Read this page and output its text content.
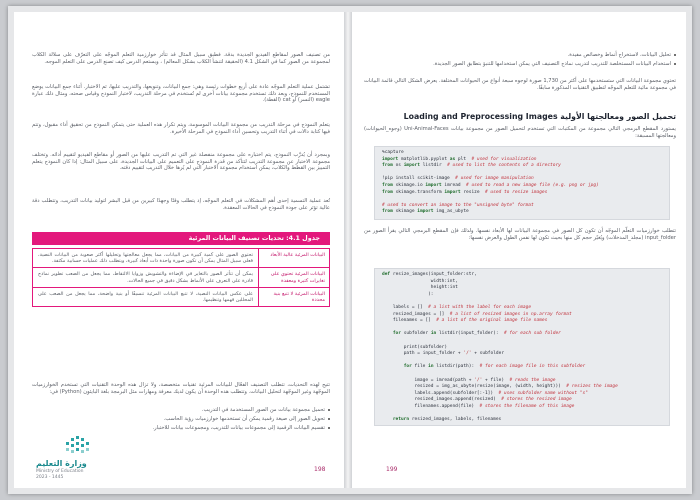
من تصنيف الصور لمقاطع الفيديو الجديدة بدقة. فطبق سبيل المثال قد تتأثر خوارزمية التعلم الموجّه على التعرّف على سلالة الكلاب لمجموعة من الصور كما في الشكل 4.1 (الحقيقة لتنشأ الكلاب بشكل المعالم) ، ويستعم الدرس كيف تصنع الدرس على التعلم الموجه.
تشتمل عملية التعلم الموجّه عادة على أربع خطوات رئيسة وهي: جمع البيانات، وتنويعها، والتدريب عليها، ثم الاختبار. أثناء جمع البيانات يوضع المستخدم للنموذج، وبعد ذلك تستخدم مجموعة بيانات أخرى لم تُستخدم في مرحلة التدريب، لاختبار النموذج وقياس صحته، ومثال ذلك عبارة eagle (النسر) أو cat (القطة).
يتعلم النموذج في مرحلة التدريب من مجموعة البيانات الموسومة، ويتم تكرار هذه العملية حتى يتمكن النموذج من تحقيق أداء مقبول، وتتم فيها كتابة دالات في أثناء التدريب وتحسين أداء النموذج في المرحلة الأخيرة.
وبمجرد أن يُدرَّب النموذج، يتم اختباره على مجموعة منفصلة غير التي تم التدريب عليها من الصور أو مقاطع الفيديو لتقييم أدائه. وتختلف مجموعة الاختبار عن مجموعة التدريب لتتأكد من قدرة النموذج على التعميم على البيانات الجديدة، على سبيل المثال: إذا كان النموذج يتعلم التمييز بين القطط والكلاب، يمكن استخدام مجموعة الاختبار التي لم يُرها خلال التدريب لتقييم دقته.
تُعد عملية التسمية إحدى أهم المشكلات في التعلم الموجّه، إذ يتطلب وقتًا وجهدًا كبيرين من قبل البشر لتوليد بيانات التدريب، وتتطلب دقة عالية تؤثر على جودة النموذج في الحالات المعقدة.
جدول 4.1: تحديات تصنيف البيانات المرئية
البيانات المرئية عالية الأبعاد
تحتوي الصور على كمية كبيرة من البيانات، مما يجعل معالجتها وتحليلها أكثر صعوبة من البيانات النصية، فعلى سبيل المثال يمكن أن تكون صورة واحدة ذات أبعاد كبيرة، ويتطلب ذلك عمليات حسابية مكثفة.
البيانات المرئية تحتوي على تغايرات كثيرة ومعقدة
يمكن أن تتأثر الصور بالتغاير في الإضاءة والتشويش وزوايا الالتقاط، مما يجعل من الصعب تطوير نماذج قادرة على التعرف على الأنماط بشكل دقيق في جميع الحالات.
البيانات المرئية لا تتبع بنية محددة
على عكس البيانات النصية، لا تتبع البيانات المرئية تنسيقًا أو بنية واضحة، مما يجعل من الصعب على المحللين فهمها وتنظيمها.
تتيح لهذه التحديات، تتطلب التصنيف الفعّال للبيانات المرئية تقنيات متخصصة، ولا تزال هذه الوحدة التقنيات التي تستخدم الخوارزميات الموجّهة وغير الموجّهة لتحليل البيانات. وتتطلب هذه الوحدة أن يكون لديك معرفة ومهارات مثل البرمجة بلغة البايثون (Python) في:
تحميل مجموعة بيانات من الصور المستخدمة في التدريب.
تحويل الصور إلى صيغة رقمية يمكن أن تستخدمها خوارزميات رؤية الحاسب.
تقسيم البيانات الرقمية إلى مجموعات بيانات للتدريب، ومجموعات بيانات للاختبار.
وزارة التعليم
Ministry of Education
2023 - 1445
198
تحليل البيانات، لاستخراج أنماط وخصائص مفيدة.
استخدام البيانات المستخلصة للتدريب لتدريب نماذج التصنيف التي يمكن استخدامها للتنبؤ بتطابق الصور الجديدة.
تحتوي مجموعة البيانات التي ستستخدمها على أكثر من 1,730 صورة لوجوه سبعة أنواع من الحيوانات المختلفة. يعرض الشكل التالي قائمة البيانات في مجموعة مائية للتعلم الموجّه لتطبيق التقنيات المذكورة سابقًا.
تحميل الصور ومعالجتها الأولية Loading and Preprocessing Images
يستورد المقطع البرمجي التالي مجموعة من المكتبات التي تستخدم لتحميل الصور من مجموعة بيانات Uni-Animal-Faces (وجوه_الحيوانات) ومعالجتها المسبقة:
%capture
import matplotlib.pyplot as plt  # used for visualization
from os import listdir  # used to list the contents of a directory

!pip install scikit-image  # used for image manipulation
from skimage.io import imread  # used to read a new image file (e.g. png or jpg)
from skimage.transform import resize  # used to resize images

# used to convert an image to the "unsigned byte" format
from skimage import img_as_ubyte
تتطلب خوارزميات التعلّم الموجّه أن تكون كل الصور في مجموعة البيانات لها الأبعاد نفسها. ولذلك فإن المقطع البرمجي التالي يقرأ الصور من input_folder (مجلد_المدخلات) ويُغيّر حجم كل منها بحيث تكون لها نفس الطول والعرض نفسها:
def resize_images(input_folder:str,
width:int,
height:int
):

labels = []  # a list with the label for each image
resized_images = []  # a list of resized images in np.array format
filenames = []  # a list of the original image file names

for subfolder in listdir(input_folder):  # for each sub folder

print(subfolder)
path = input_folder + '/' + subfolder

for file in listdir(path):  # for each image file in this subfolder

image = imread(path + '/' + file)  # reads the image
resized = img_as_ubyte(resize(image, (width, height)))  # resizes the image
labels.append(subfolder[:-1])  # uses subfolder name without "s"
resized_images.append(resized)  # stores the resized image
filenames.append(file)  # stores the filename of this image

return resized_images, labels, filenames
199
